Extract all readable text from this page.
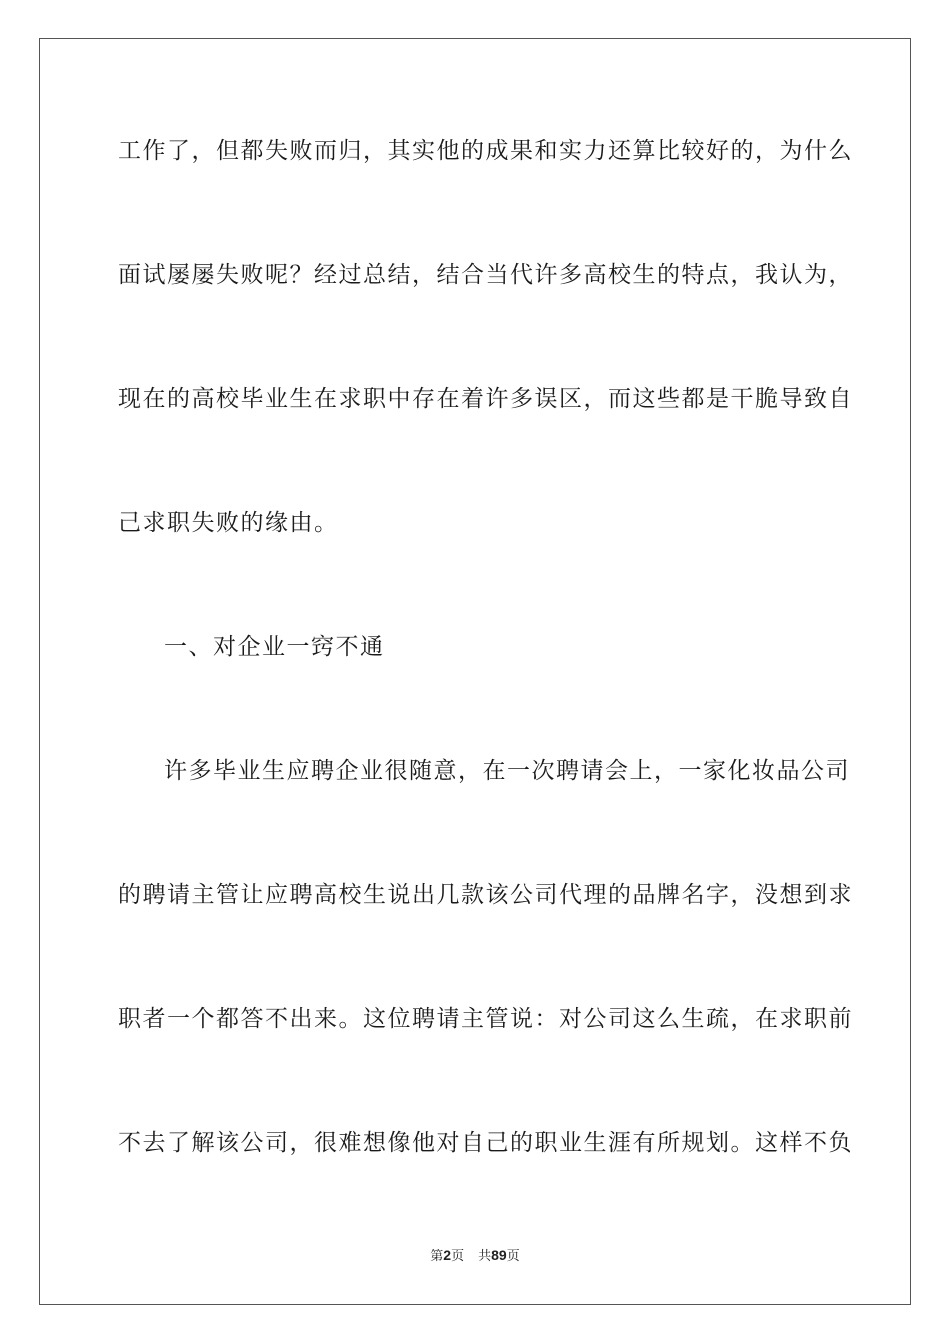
工作了，但都失败而归，其实他的成果和实力还算比较好的，为什么
面试屡屡失败呢？经过总结，结合当代许多高校生的特点，我认为，
现在的高校毕业生在求职中存在着许多误区，而这些都是干脆导致自
己求职失败的缘由。
一、对企业一窍不通
许多毕业生应聘企业很随意，在一次聘请会上，一家化妆品公司
的聘请主管让应聘高校生说出几款该公司代理的品牌名字，没想到求
职者一个都答不出来。这位聘请主管说：对公司这么生疏，在求职前
不去了解该公司，很难想像他对自己的职业生涯有所规划。这样不负
第2页 共89页
